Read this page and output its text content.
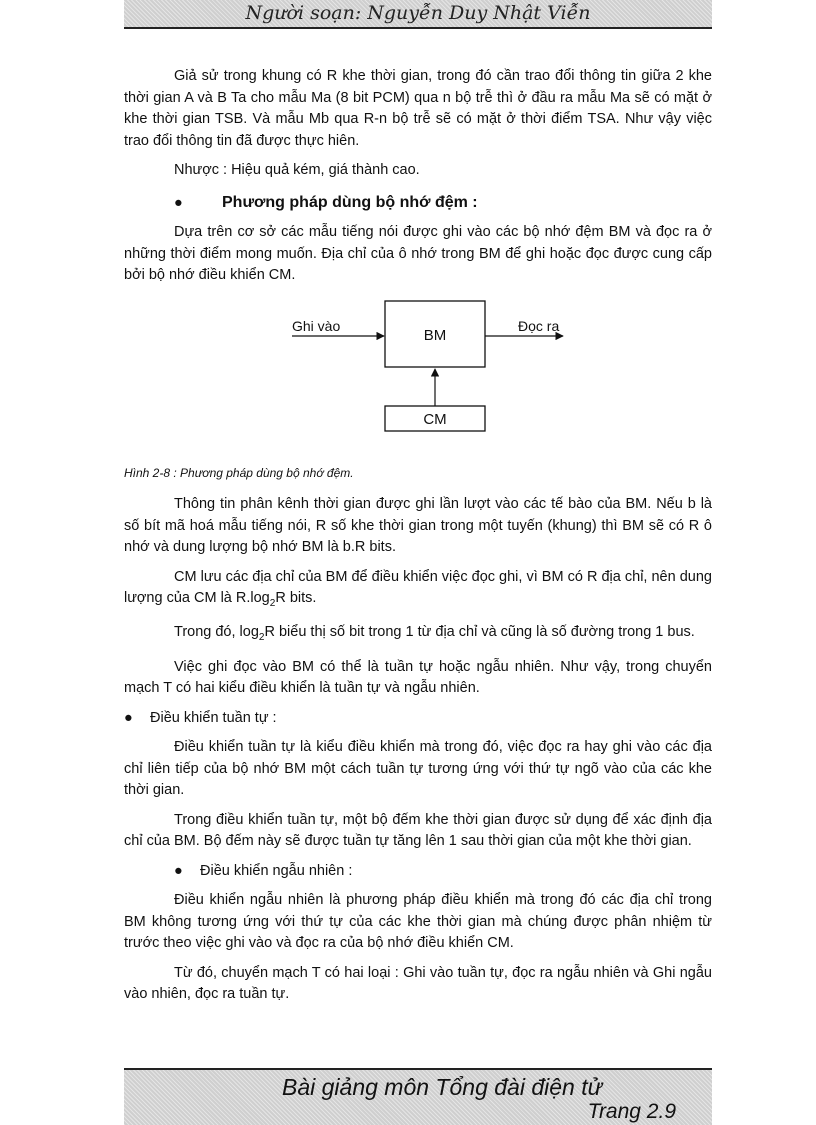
Người soạn: Nguyễn Duy Nhật Viễn

Giả sử trong khung có R khe thời gian, trong đó cần trao đổi thông tin giữa 2 khe thời gian A và B Ta cho mẫu Ma (8 bit PCM) qua n bộ trễ thì ở đầu ra mẫu Ma sẽ có mặt ở khe thời gian TSB. Và mẫu Mb qua R-n bộ trễ sẽ có mặt ở thời điểm TSA. Như vậy việc trao đổi thông tin đã được thực hiên.

Nhược : Hiệu quả kém, giá thành cao.

●	Phương pháp dùng bộ nhớ đệm :

Dựa trên cơ sở các mẫu tiếng nói được ghi vào các bộ nhớ đệm BM và đọc ra ở những thời điểm mong muốn. Địa chỉ của ô nhớ trong BM để ghi hoặc đọc được cung cấp bởi bộ nhớ điều khiển CM.

Ghi vào	Đọc ra
BM
CM

Hình 2-8 : Phương pháp dùng bộ nhớ đệm.

Thông tin phân kênh thời gian được ghi lần lượt vào các tế bào của BM. Nếu b là số bít mã hoá mẫu tiếng nói, R số khe thời gian trong một tuyến (khung) thì BM sẽ có R ô nhớ và dung lượng bộ nhớ BM là b.R bits.

CM lưu các địa chỉ của BM để điều khiển việc đọc ghi, vì BM có R địa chỉ, nên dung lượng của CM là $R.\log_2R$ bits.

Trong đó, $\log_2R$ biểu thị số bit trong 1 từ địa chỉ và cũng là số đường trong 1 bus.

Việc ghi đọc vào BM có thể là tuần tự hoặc ngẫu nhiên. Như vậy, trong chuyển mạch T có hai kiểu điều khiển là tuần tự và ngẫu nhiên.

●	Điều khiển tuần tự :

Điều khiển tuần tự là kiểu điều khiển mà trong đó, việc đọc ra hay ghi vào các địa chỉ liên tiếp của bộ nhớ BM một cách tuần tự tương ứng với thứ tự ngõ vào của các khe thời gian.

Trong điều khiển tuần tự, một bộ đếm khe thời gian được sử dụng để xác định địa chỉ của BM. Bộ đếm này sẽ được tuần tự tăng lên 1 sau thời gian của một khe thời gian.

●	Điều khiển ngẫu nhiên :

Điều khiển ngẫu nhiên là phương pháp điều khiển mà trong đó các địa chỉ trong BM không tương ứng với thứ tự của các khe thời gian mà chúng được phân nhiệm từ trước theo việc ghi vào và đọc ra của bộ nhớ điều khiển CM.

Từ đó, chuyển mạch T có hai loại : Ghi vào tuần tự, đọc ra ngẫu nhiên và Ghi ngẫu vào nhiên, đọc ra tuần tự.

Bài giảng môn Tổng đài điện tử
Trang 2.9
